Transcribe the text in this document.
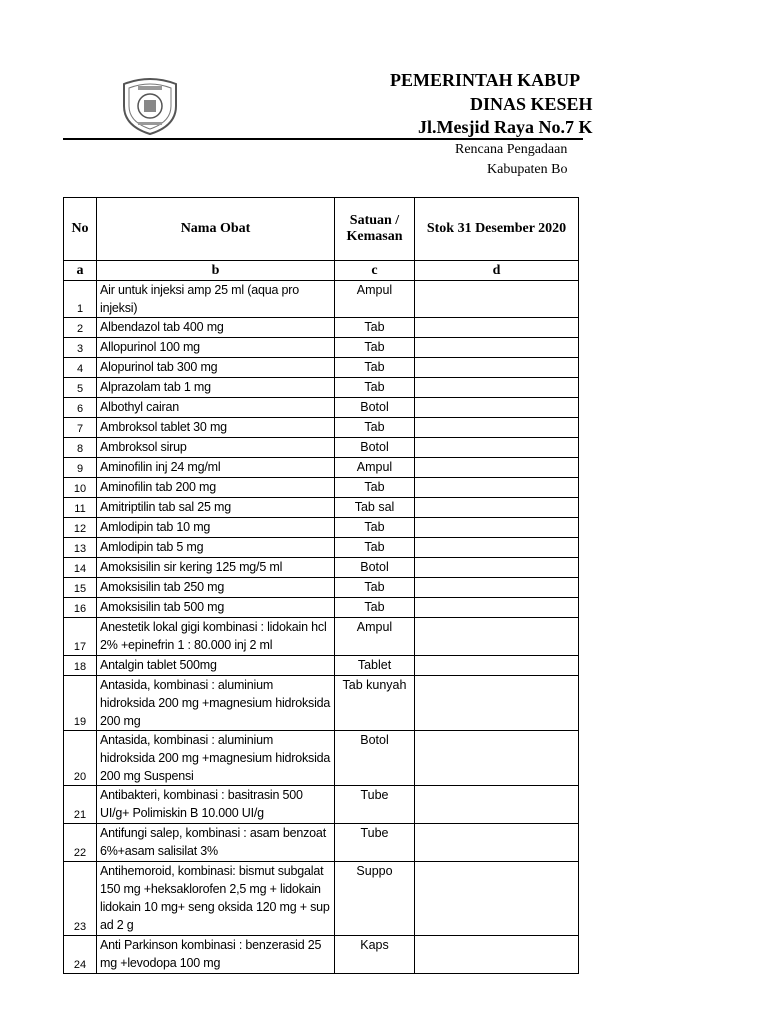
PEMERINTAH KABUP
DINAS KESEH
Jl.Mesjid Raya No.7 K
Rencana Pengadaan
Kabupaten Bo
No	Nama Obat	Satuan / Kemasan	Stok 31 Desember 2020
a	b	c	d
1	Air untuk injeksi amp 25 ml (aqua pro injeksi)	Ampul	
2	Albendazol tab 400 mg	Tab	
3	Allopurinol 100 mg	Tab	
4	Alopurinol tab 300 mg	Tab	
5	Alprazolam tab 1 mg	Tab	
6	Albothyl cairan	Botol	
7	Ambroksol tablet 30 mg	Tab	
8	Ambroksol sirup	Botol	
9	Aminofilin inj 24 mg/ml	Ampul	
10	Aminofilin tab 200 mg	Tab	
11	Amitriptilin tab sal 25 mg	Tab sal	
12	Amlodipin tab 10 mg	Tab	
13	Amlodipin tab 5 mg	Tab	
14	Amoksisilin sir kering 125 mg/5 ml	Botol	
15	Amoksisilin tab 250 mg	Tab	
16	Amoksisilin tab 500 mg	Tab	
17	Anestetik lokal gigi kombinasi : lidokain hcl 2% +epinefrin 1 : 80.000 inj 2 ml	Ampul	
18	Antalgin tablet 500mg	Tablet	
19	Antasida, kombinasi : aluminium hidroksida 200 mg +magnesium hidroksida 200 mg	Tab kunyah	
20	Antasida, kombinasi : aluminium hidroksida 200 mg +magnesium hidroksida 200 mg Suspensi	Botol	
21	Antibakteri, kombinasi : basitrasin 500 UI/g+ Polimiskin B 10.000 UI/g	Tube	
22	Antifungi salep, kombinasi : asam benzoat 6%+asam salisilat 3%	Tube	
23	Antihemoroid, kombinasi: bismut subgalat 150 mg +heksaklorofen 2,5 mg + lidokain lidokain 10 mg+ seng oksida 120 mg + sup ad 2 g	Suppo	
24	Anti Parkinson kombinasi : benzerasid 25 mg +levodopa 100 mg	Kaps	
